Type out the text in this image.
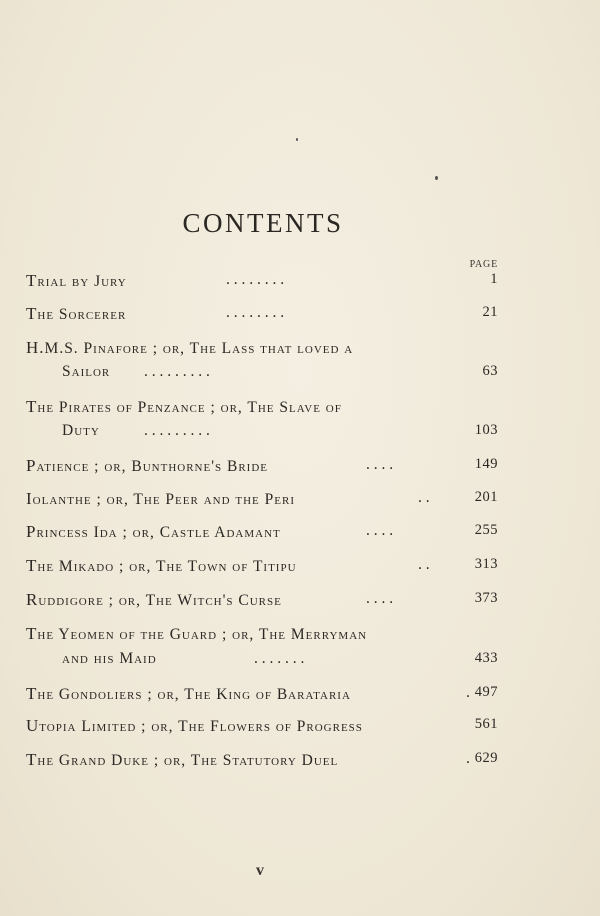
CONTENTS
PAGE
Trial by Jury	. . . . . . . .	1
The Sorcerer	. . . . . . . .	21
H.M.S. Pinafore ; or, The Lass that loved a
Sailor . . . . . . . . .	63
The Pirates of Penzance ; or, The Slave of
Duty	. . . . . . . . .	103
Patience ; or, Bunthorne's Bride	. . . .	149
Iolanthe ; or, The Peer and the Peri	. .	201
Princess Ida ; or, Castle Adamant	. . . .	255
The Mikado ; or, The Town of Titipu	. .	313
Ruddigore ; or, The Witch's Curse	. . . .	373
The Yeomen of the Guard ; or, The Merryman
and his Maid	. . . . . . .	433
The Gondoliers ; or, The King of Barataria	. 497
Utopia Limited ; or, The Flowers of Progress	561
The Grand Duke ; or, The Statutory Duel	. 629
v
